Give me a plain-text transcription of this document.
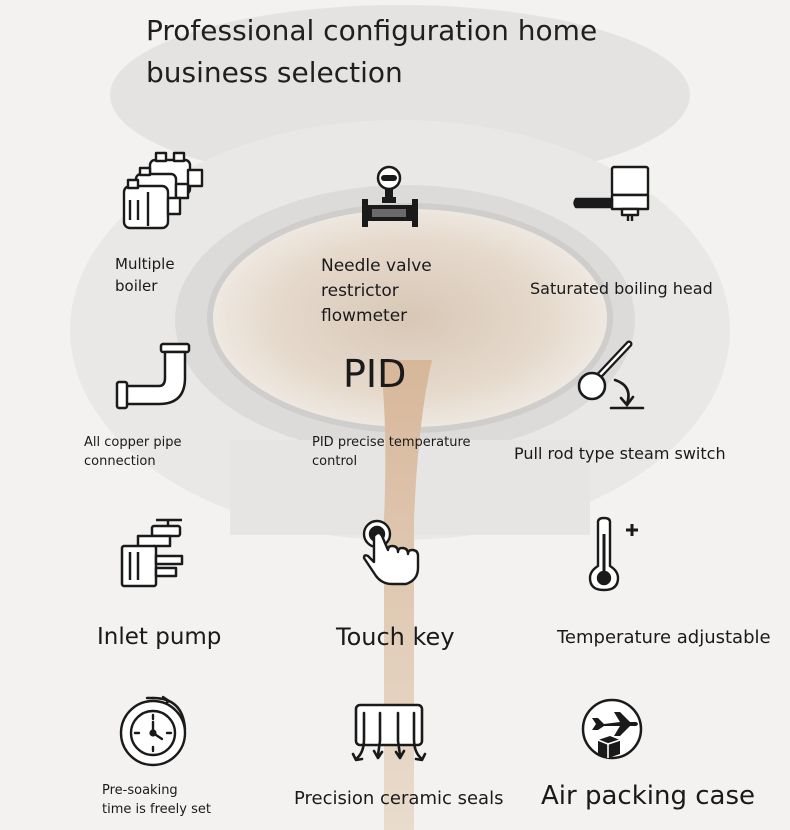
Professional configuration home
business selection
Multiple
boiler
Needle valve
restrictor
flowmeter
Saturated boiling head
All copper pipe
connection
PID
PID precise temperature
control	Pull rod type steam switch
Inlet pump	Touch key	Temperature adjustable
Pre-soaking
time is freely set
Precision ceramic seals Air packing case
